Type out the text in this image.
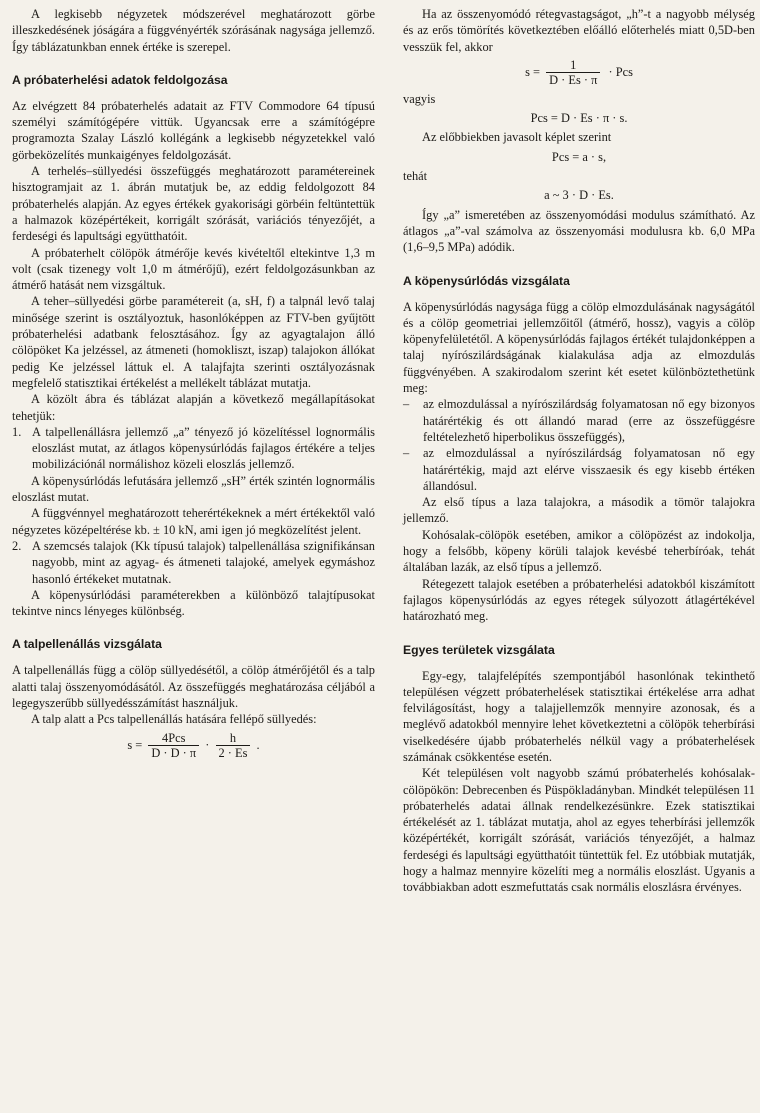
A legkisebb négyzetek módszerével meghatározott görbe illeszkedésének jóságára a függvényérték szórásának nagysága jellemző. Így táblázatunkban ennek értéke is szerepel.

A próbaterhelési adatok feldolgozása

Az elvégzett 84 próbaterhelés adatait az FTV Commodore 64 típusú személyi számítógépére vittük. Ugyancsak erre a számítógépre programozta Szalay László kollégánk a legkisebb négyzetekkel való görbeközelítés munkaigényes feldolgozását.

A terhelés–süllyedési összefüggés meghatározott paramétereinek hisztogramjait az 1. ábrán mutatjuk be, az eddig feldolgozott 84 próbaterhelés alapján. Az egyes értékek gyakorisági görbéin feltüntettük a halmazok középértékeit, korrigált szórását, variációs tényezőjét, a ferdeségi és lapultsági együtthatóit.

A próbaterhelt cölöpök átmérője kevés kivételtől eltekintve 1,3 m volt (csak tizenegy volt 1,0 m átmérőjű), ezért feldolgozásunkban az átmérő hatását nem vizsgáltuk.

A teher–süllyedési görbe paramétereit (a, sH, f) a talpnál levő talaj minősége szerint is osztályoztuk, hasonlóképpen az FTV-ben gyűjtött próbaterhelési adatbank felosztásához. Így az agyagtalajon álló cölöpöket Ka jelzéssel, az átmeneti (homokliszt, iszap) talajokon állókat pedig Ke jelzéssel láttuk el. A talajfajta szerinti osztályozásnak megfelelő statisztikai értékelést a mellékelt táblázat mutatja.

A közölt ábra és táblázat alapján a következő megállapításokat tehetjük:

1. A talpellenállásra jellemző „a” tényező jó közelítéssel lognormális eloszlást mutat, az átlagos köpenysúrlódás fajlagos értékére a teljes mobilizációnál normálishoz közeli eloszlás jellemző.

A köpenysúrlódás lefutására jellemző „sH” érték szintén lognormális eloszlást mutat.

A függvénnyel meghatározott teherértékeknek a mért értékektől való négyzetes középeltérése kb. ± 10 kN, ami igen jó megközelítést jelent.

2. A szemcsés talajok (Kk típusú talajok) talpellenállása szignifikánsan nagyobb, mint az agyag- és átmeneti talajoké, amelyek egymáshoz hasonló értékeket mutatnak.

A köpenysúrlódási paraméterekben a különböző talajtípusokat tekintve nincs lényeges különbség.

A talpellenállás vizsgálata

A talpellenállás függ a cölöp süllyedésétől, a cölöp átmérőjétől és a talp alatti talaj összenyomódásától. Az összefüggés meghatározása céljából a legegyszerűbb süllyedésszámítást használjuk.

A talp alatt a Pcs talpellenállás hatására fellépő süllyedés:

$s = \frac{\text{4Pcs}}{D \cdot D \cdot \pi} \cdot \frac{h}{2 \cdot Es}$ .

Ha az összenyomódó rétegvastagságot, „h”-t a nagyobb mélység és az erős tömörítés következtében előálló előterhelés miatt 0,5D-ben vesszük fel, akkor

$s = \frac{1}{D \cdot Es \cdot \pi}$ · Pcs

vagyis

Pcs = D · Es · π · s.

Az előbbiekben javasolt képlet szerint

Pcs = a · s,

tehát

a ~ 3 · D · Es.

Így „a” ismeretében az összenyomódási modulus számítható. Az átlagos „a”-val számolva az összenyomási modulusra kb. 6,0 MPa (1,6–9,5 MPa) adódik.

A köpenysúrlódás vizsgálata

A köpenysúrlódás nagysága függ a cölöp elmozdulásának nagyságától és a cölöp geometriai jellemzőitől (átmérő, hossz), vagyis a cölöp köpenyfelületétől. A köpenysúrlódás fajlagos értékét tulajdonképpen a talaj nyírószilárdságának kialakulása adja az elmozdulás függvényében. A szakirodalom szerint két esetet különböztethetünk meg:

– az elmozdulással a nyírószilárdság folyamatosan nő egy bizonyos határértékig és ott állandó marad (erre az összefüggésre feltételezhető hiperbolikus összefüggés),
– az elmozdulással a nyírószilárdság folyamatosan nő egy határértékig, majd azt elérve visszaesik és egy kisebb értéken állandósul.

Az első típus a laza talajokra, a második a tömör talajokra jellemző.

Kohósalak-cölöpök esetében, amikor a cölöpözést az indokolja, hogy a felsőbb, köpeny körüli talajok kevésbé teherbíróak, tehát általában lazák, az első típus a jellemző.

Rétegezett talajok esetében a próbaterhelési adatokból kiszámított fajlagos köpenysúrlódás az egyes rétegek súlyozott átlagértékével határozható meg.

Egyes területek vizsgálata

Egy-egy, talajfelépítés szempontjából hasonlónak tekinthető településen végzett próbaterhelések statisztikai értékelése arra adhat felvilágosítást, hogy a talajjellemzők mennyire azonosak, és a meglévő adatokból mennyire lehet következtetni a cölöpök teherbírási viselkedésére újabb próbaterhelés nélkül vagy a próbaterhelések számának csökkentése esetén.

Két településen volt nagyobb számú próbaterhelés kohósalak-cölöpökön: Debrecenben és Püspökladányban. Mindkét településen 11 próbaterhelés adatai állnak rendelkezésünkre. Ezek statisztikai értékelését az 1. táblázat mutatja, ahol az egyes teherbírási jellemzők középértékét, korrigált szórását, variációs tényezőjét, a halmaz ferdeségi és lapultsági együtthatóit tüntettük fel. Ez utóbbiak mutatják, hogy a halmaz mennyire közelíti meg a normális eloszlást. Ugyanis a továbbiakban adott eszmefuttatás csak normális eloszlásra érvényes.
